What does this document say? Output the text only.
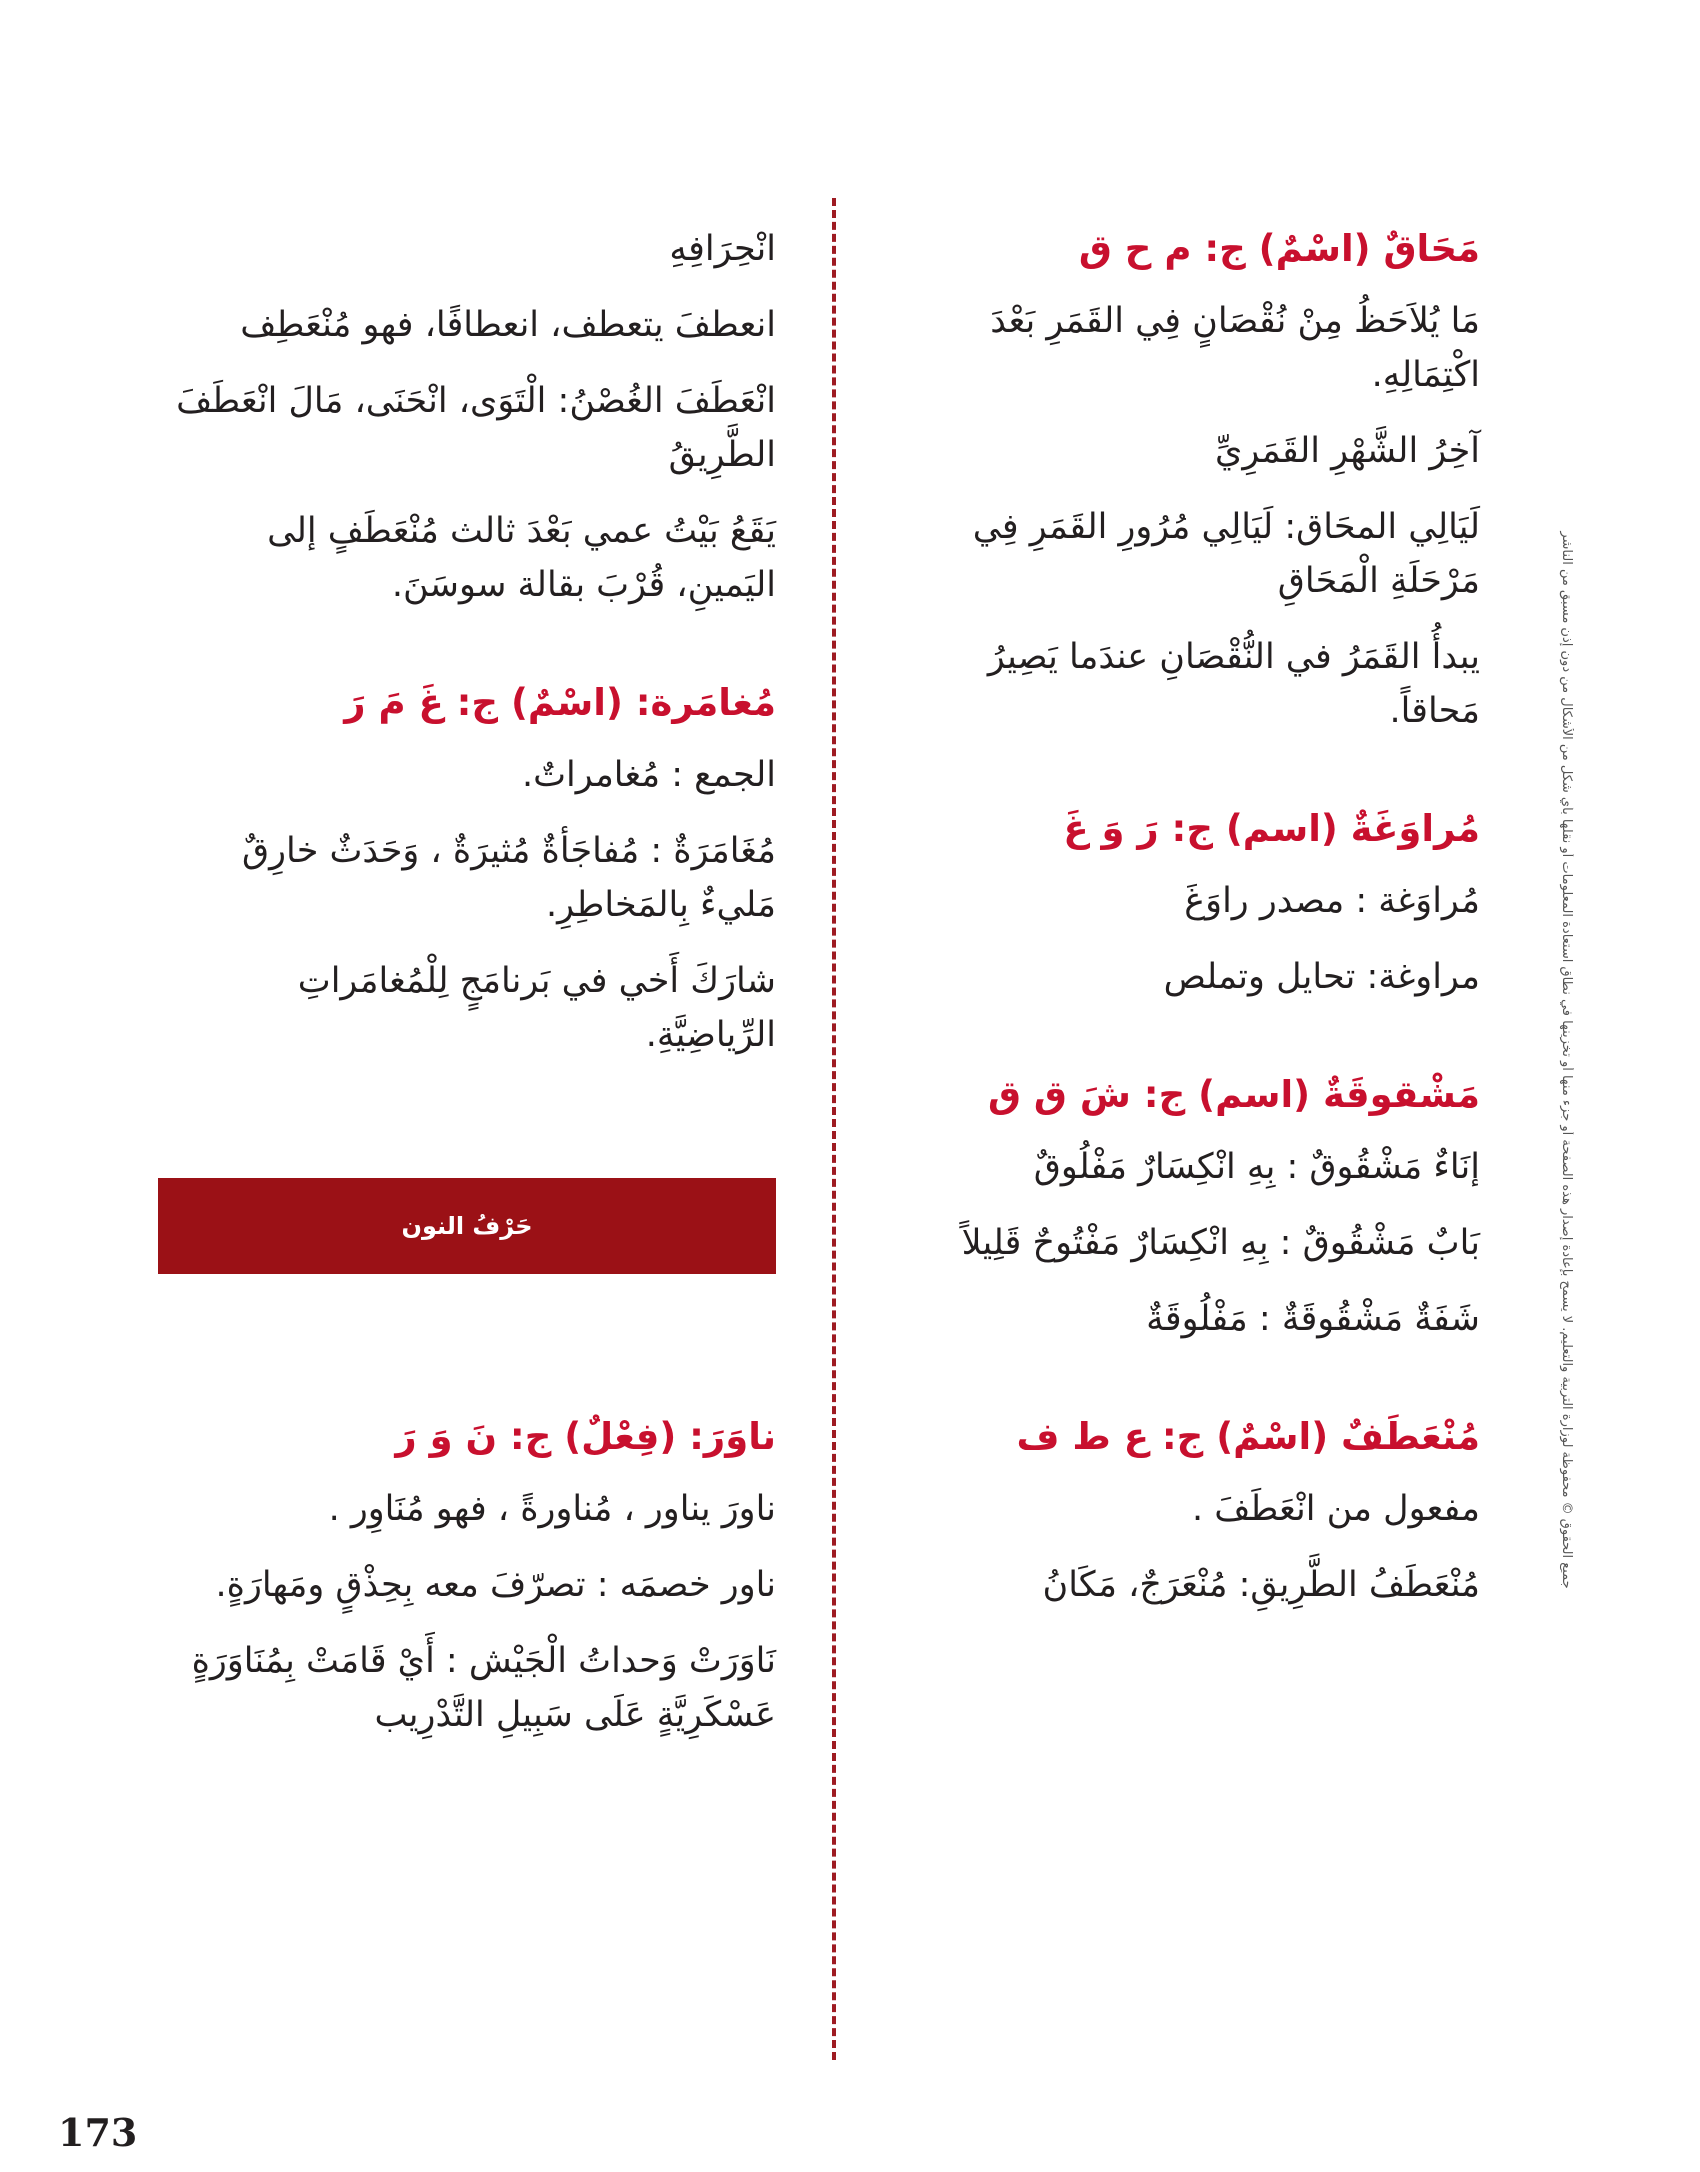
جميع الحقوق © محفوظة لوزارة التربية والتعليم. لا يسمح بإعادة إصدار هذه الصفحة أو جزء منها أو تخزينها في نطاق استعادة المعلومات أو نقلها بأي شكل من الأشكال من دون إذن مسبق من الناشر
مَحَاقٌ (اسْمٌ) ج: م ح ق
مَا يُلاَحَظُ مِنْ نُقْصَانٍ فِي القَمَرِ بَعْدَ اكْتِمَالِهِ.
آخِرُ الشَّهْرِ القَمَرِيِّ
لَيَالِي المحَاق: لَيَالِي مُرُورِ القَمَرِ فِي مَرْحَلَةِ الْمَحَاقِ
يبدأُ القَمَرُ في النُّقْصَانِ عندَما يَصِيرُ مَحاقاً.
مُراوَغَةٌ (اسم) ج: رَ وَ غَ
مُراوَغة : مصدر راوَغَ
مراوغة: تحايل وتملص
مَشْقوقَةٌ (اسم) ج: شَ ق ق
إنَاءٌ مَشْقُوقٌ : بِهِ انْكِسَارٌ مَفْلُوقٌ
بَابٌ مَشْقُوقٌ : بِهِ انْكِسَارٌ مَفْتُوحٌ قَلِيلاً
شَفَةٌ مَشْقُوقَةٌ : مَفْلُوقَةٌ
مُنْعَطَفٌ (اسْمٌ) ج: ع ط ف
مفعول من انْعَطَفَ .
مُنْعَطَفُ الطَّرِيقِ: مُنْعَرَجٌ، مَكَانُ
انْحِرَافِهِ
انعطفَ يتعطف، انعطافًا، فهو مُنْعَطِف
انْعَطَفَ الغُصْنُ: الْتَوَى، انْحَنَى، مَالَ انْعَطَفَ الطَّرِيقُ
يَقَعُ بَيْتُ عمي بَعْدَ ثالث مُنْعَطَفٍ إلى اليَمينِ، قُرْبَ بقالة سوسَنَ.
مُغامَرة: (اسْمٌ) ج: غَ مَ رَ
الجمع : مُغامراتٌ.
مُغَامَرَةٌ : مُفاجَأةٌ مُثيرَةٌ ، وَحَدَثٌ خارِقٌ مَليءٌ بِالمَخاطِرِ.
شارَكَ أَخي في بَرنامَجٍ لِلْمُغامَراتِ الرِّياضِيَّةِ.
حَرْفُ النون
ناوَرَ: (فِعْلٌ) ج: نَ وَ رَ
ناورَ يناور ، مُناورةً ، فهو مُنَاوِر .
ناور خصمَه : تصرّفَ معه بِحِذْقٍ ومَهارَةٍ.
نَاوَرَتْ وَحداتُ الْجَيْش : أَيْ قَامَتْ بِمُنَاوَرَةٍ عَسْكَرِيَّةٍ عَلَى سَبِيلِ التَّدْرِيب
173
